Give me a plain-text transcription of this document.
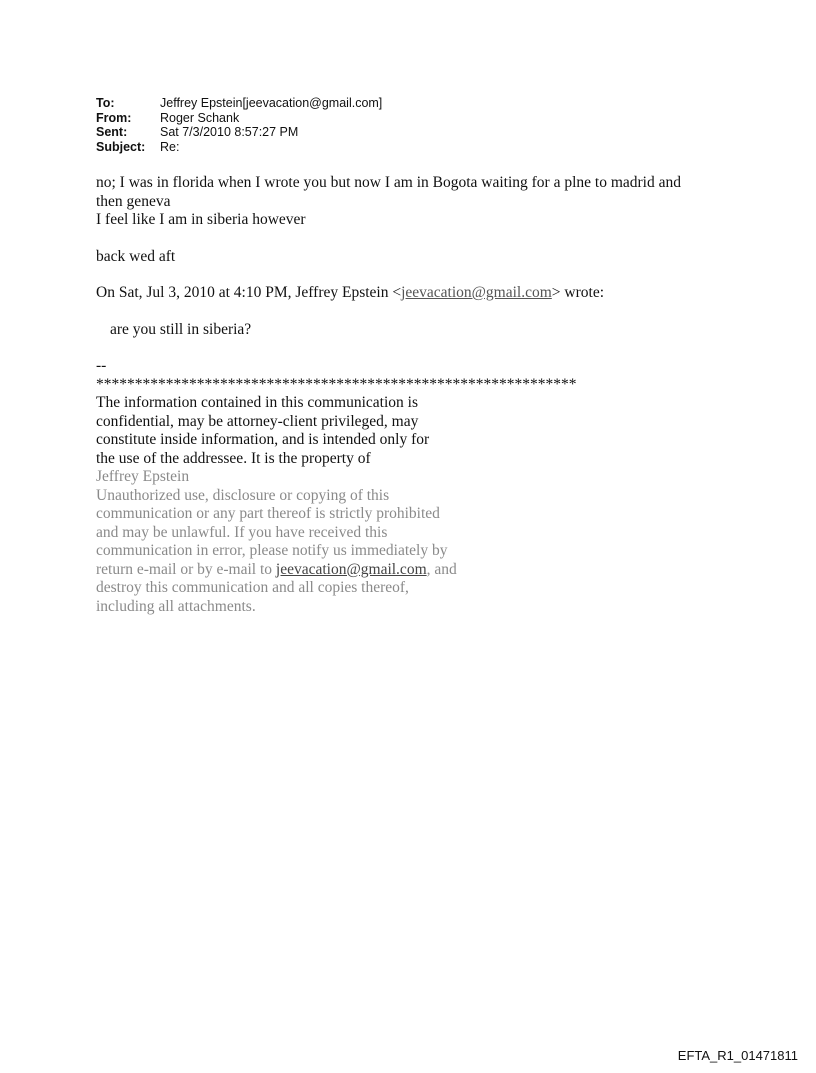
To:	Jeffrey Epstein[jeevacation@gmail.com]
From:	Roger Schank
Sent:	Sat 7/3/2010 8:57:27 PM
Subject:	Re:

no; I was in florida when I wrote you but now I am in Bogota waiting for a plne to madrid and

then geneva

I feel like I am in siberia however

back wed aft

On Sat, Jul 3, 2010 at 4:10 PM, Jeffrey Epstein <jeevacation@gmail.com> wrote:

are you still in siberia?

--

**************************************************************

The information contained in this communication is

confidential, may be attorney-client privileged, may

constitute inside information, and is intended only for

the use of the addressee. It is the property of

Jeffrey Epstein

Unauthorized use, disclosure or copying of this

communication or any part thereof is strictly prohibited

and may be unlawful. If you have received this

communication in error, please notify us immediately by

return e-mail or by e-mail to jeevacation@gmail.com, and

destroy this communication and all copies thereof,

including all attachments.

EFTA_R1_01471811
